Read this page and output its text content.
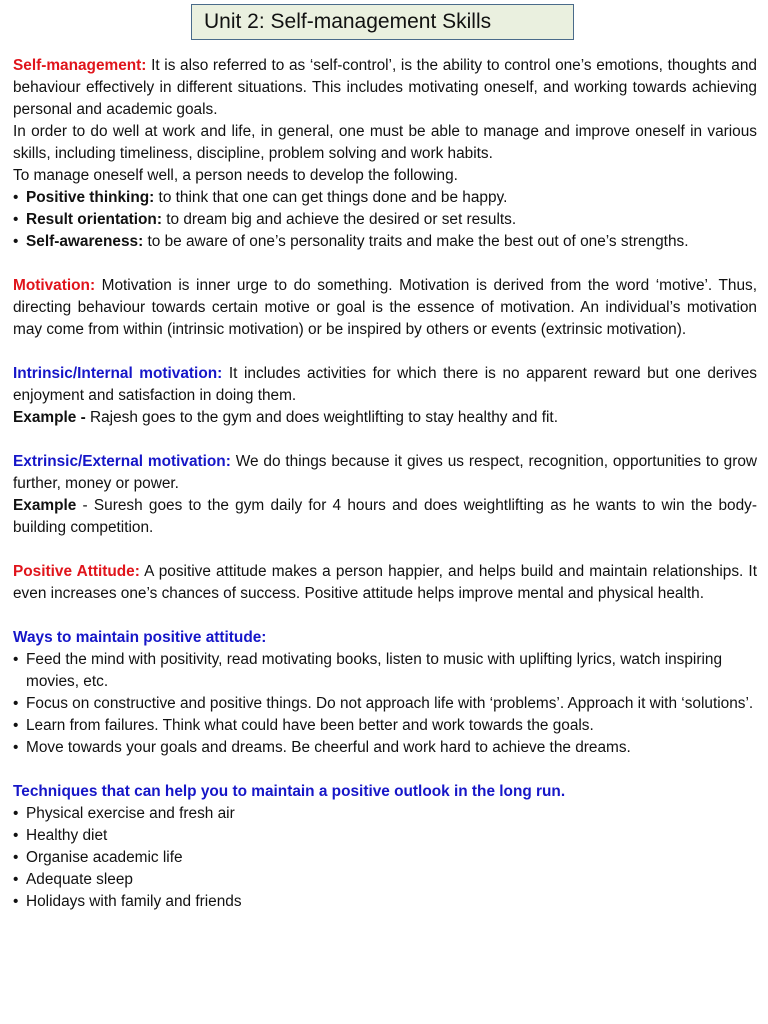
Unit 2: Self-management Skills

Self-management: It is also referred to as ‘self-control’, is the ability to control one’s emotions, thoughts and behaviour effectively in different situations. This includes motivating oneself, and working towards achieving personal and academic goals.

In order to do well at work and life, in general, one must be able to manage and improve oneself in various skills, including timeliness, discipline, problem solving and work habits.

To manage oneself well, a person needs to develop the following.

• Positive thinking: to think that one can get things done and be happy.
• Result orientation: to dream big and achieve the desired or set results.
• Self-awareness: to be aware of one’s personality traits and make the best out of one’s strengths.

Motivation: Motivation is inner urge to do something. Motivation is derived from the word ‘motive’. Thus, directing behaviour towards certain motive or goal is the essence of motivation. An individual’s motivation may come from within (intrinsic motivation) or be inspired by others or events (extrinsic motivation).

Intrinsic/Internal motivation: It includes activities for which there is no apparent reward but one derives enjoyment and satisfaction in doing them.

Example - Rajesh goes to the gym and does weightlifting to stay healthy and fit.

Extrinsic/External motivation: We do things because it gives us respect, recognition, opportunities to grow further, money or power.

Example - Suresh goes to the gym daily for 4 hours and does weightlifting as he wants to win the body-building competition.

Positive Attitude: A positive attitude makes a person happier, and helps build and maintain relationships. It even increases one’s chances of success. Positive attitude helps improve mental and physical health.

Ways to maintain positive attitude:

• Feed the mind with positivity, read motivating books, listen to music with uplifting lyrics, watch inspiring movies, etc.
• Focus on constructive and positive things. Do not approach life with ‘problems’. Approach it with ‘solutions’.
• Learn from failures. Think what could have been better and work towards the goals.
• Move towards your goals and dreams. Be cheerful and work hard to achieve the dreams.

Techniques that can help you to maintain a positive outlook in the long run.

• Physical exercise and fresh air
• Healthy diet
• Organise academic life
• Adequate sleep
• Holidays with family and friends
